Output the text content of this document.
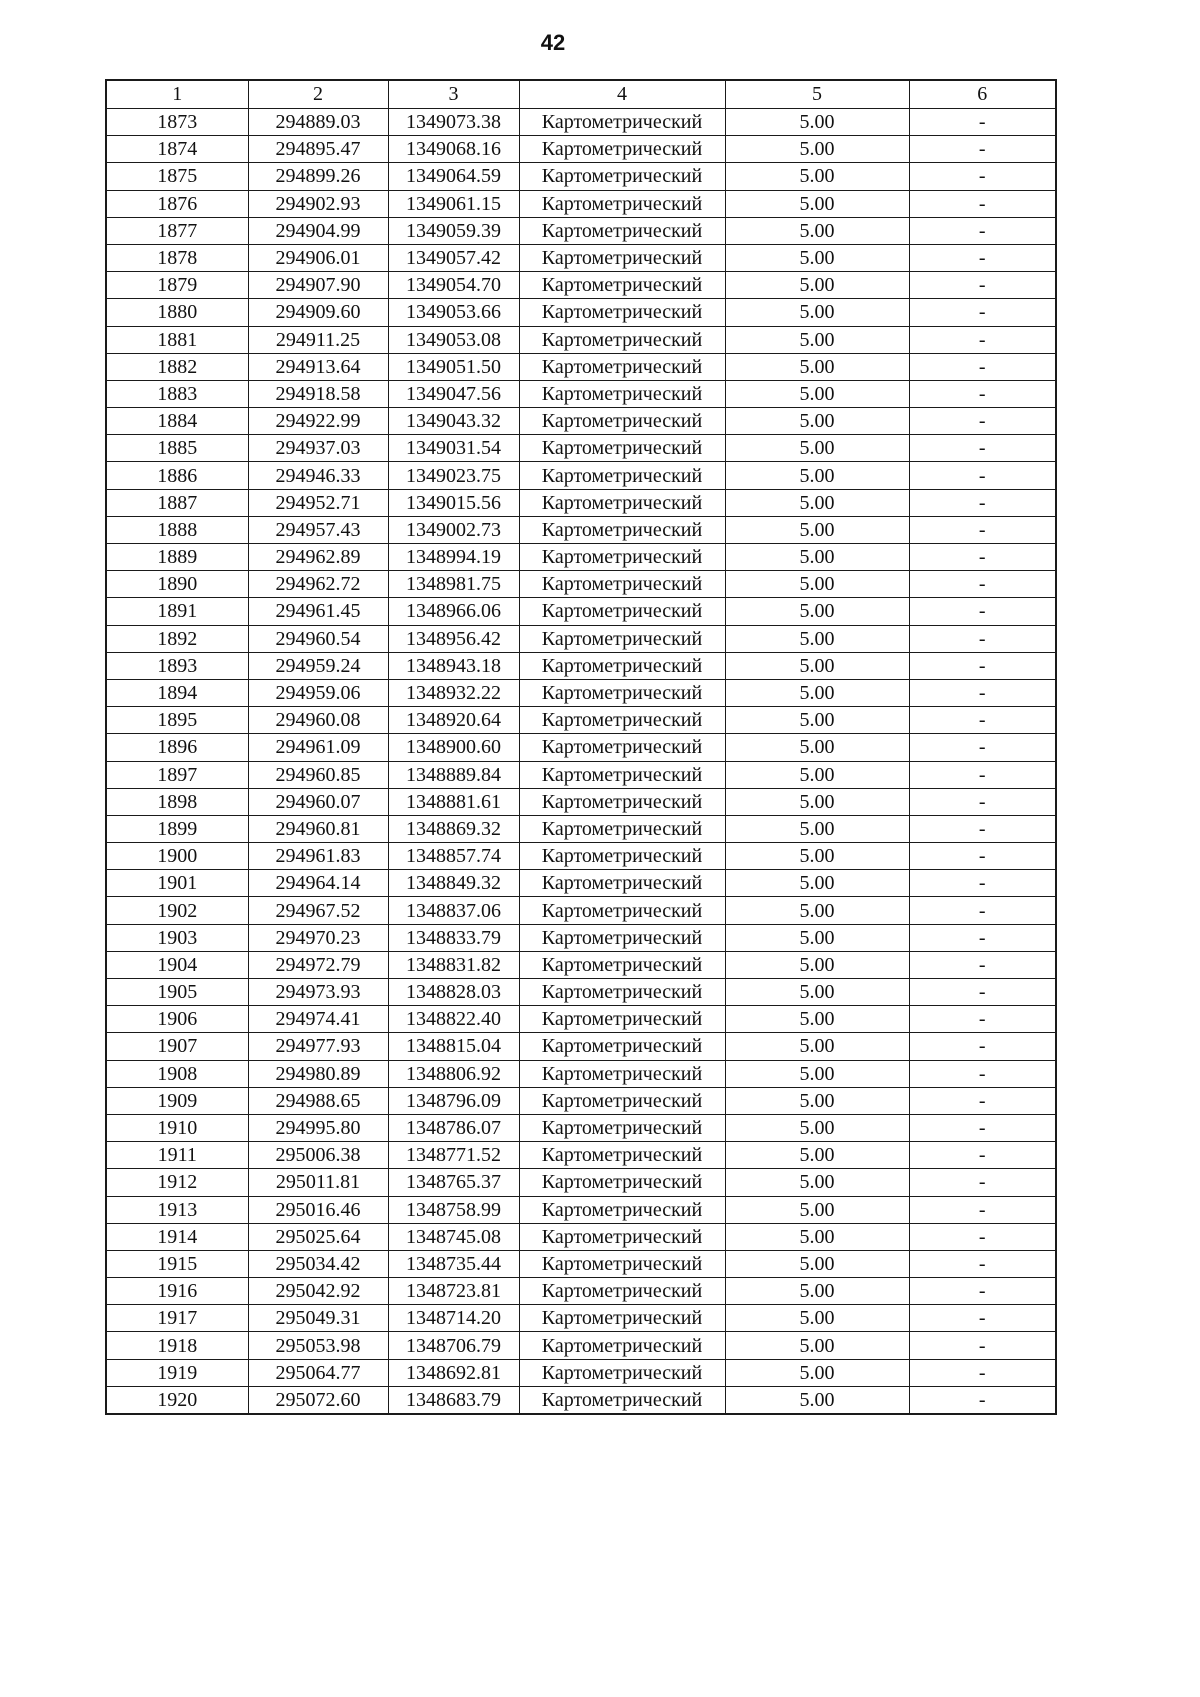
42
1	2	3	4	5	6
1873	294889.03	1349073.38	Картометрический	5.00	-
1874	294895.47	1349068.16	Картометрический	5.00	-
1875	294899.26	1349064.59	Картометрический	5.00	-
1876	294902.93	1349061.15	Картометрический	5.00	-
1877	294904.99	1349059.39	Картометрический	5.00	-
1878	294906.01	1349057.42	Картометрический	5.00	-
1879	294907.90	1349054.70	Картометрический	5.00	-
1880	294909.60	1349053.66	Картометрический	5.00	-
1881	294911.25	1349053.08	Картометрический	5.00	-
1882	294913.64	1349051.50	Картометрический	5.00	-
1883	294918.58	1349047.56	Картометрический	5.00	-
1884	294922.99	1349043.32	Картометрический	5.00	-
1885	294937.03	1349031.54	Картометрический	5.00	-
1886	294946.33	1349023.75	Картометрический	5.00	-
1887	294952.71	1349015.56	Картометрический	5.00	-
1888	294957.43	1349002.73	Картометрический	5.00	-
1889	294962.89	1348994.19	Картометрический	5.00	-
1890	294962.72	1348981.75	Картометрический	5.00	-
1891	294961.45	1348966.06	Картометрический	5.00	-
1892	294960.54	1348956.42	Картометрический	5.00	-
1893	294959.24	1348943.18	Картометрический	5.00	-
1894	294959.06	1348932.22	Картометрический	5.00	-
1895	294960.08	1348920.64	Картометрический	5.00	-
1896	294961.09	1348900.60	Картометрический	5.00	-
1897	294960.85	1348889.84	Картометрический	5.00	-
1898	294960.07	1348881.61	Картометрический	5.00	-
1899	294960.81	1348869.32	Картометрический	5.00	-
1900	294961.83	1348857.74	Картометрический	5.00	-
1901	294964.14	1348849.32	Картометрический	5.00	-
1902	294967.52	1348837.06	Картометрический	5.00	-
1903	294970.23	1348833.79	Картометрический	5.00	-
1904	294972.79	1348831.82	Картометрический	5.00	-
1905	294973.93	1348828.03	Картометрический	5.00	-
1906	294974.41	1348822.40	Картометрический	5.00	-
1907	294977.93	1348815.04	Картометрический	5.00	-
1908	294980.89	1348806.92	Картометрический	5.00	-
1909	294988.65	1348796.09	Картометрический	5.00	-
1910	294995.80	1348786.07	Картометрический	5.00	-
1911	295006.38	1348771.52	Картометрический	5.00	-
1912	295011.81	1348765.37	Картометрический	5.00	-
1913	295016.46	1348758.99	Картометрический	5.00	-
1914	295025.64	1348745.08	Картометрический	5.00	-
1915	295034.42	1348735.44	Картометрический	5.00	-
1916	295042.92	1348723.81	Картометрический	5.00	-
1917	295049.31	1348714.20	Картометрический	5.00	-
1918	295053.98	1348706.79	Картометрический	5.00	-
1919	295064.77	1348692.81	Картометрический	5.00	-
1920	295072.60	1348683.79	Картометрический	5.00	-
